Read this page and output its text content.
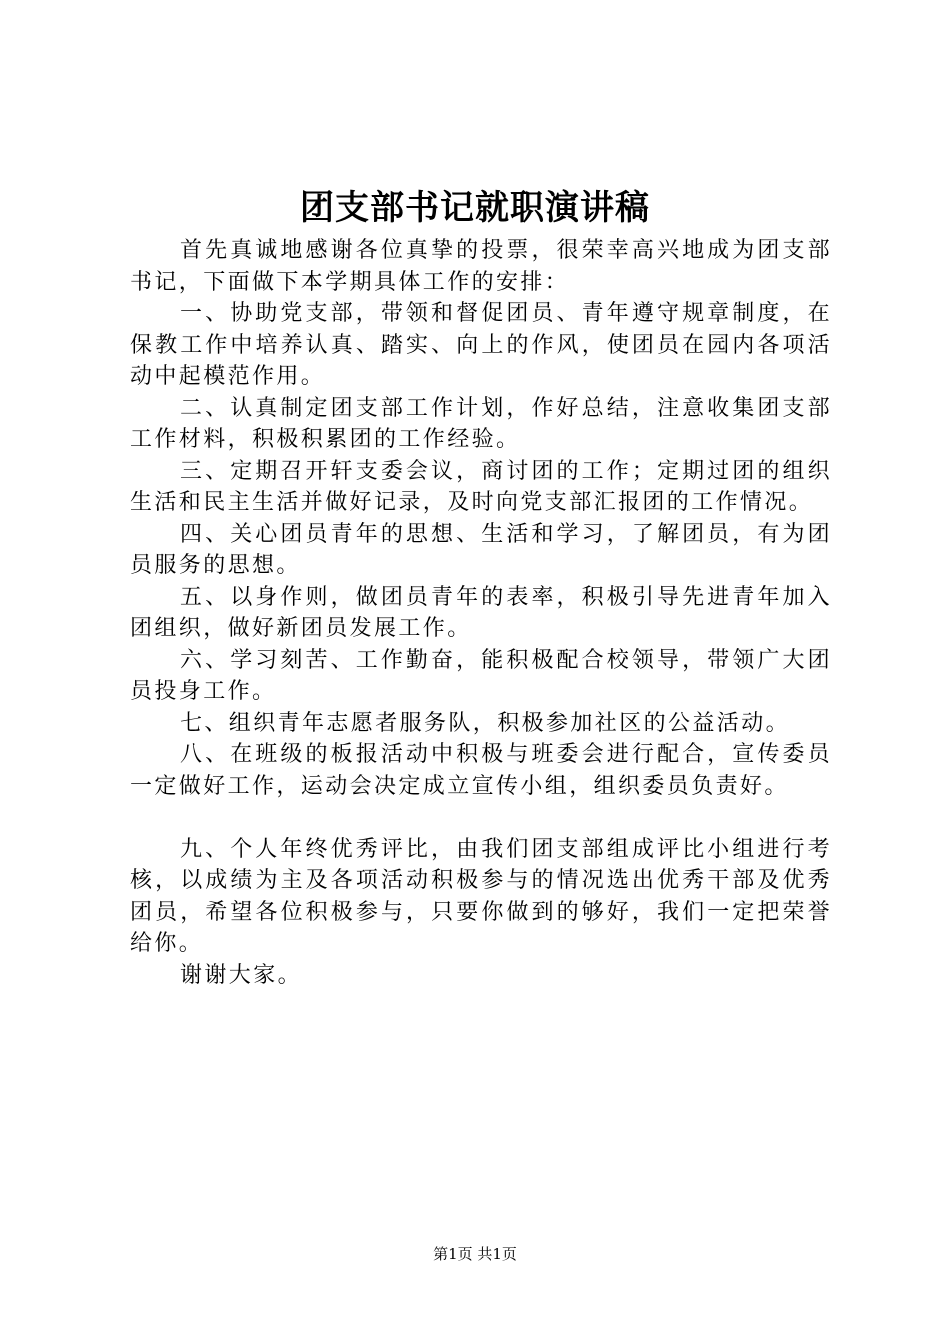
团支部书记就职演讲稿

首先真诚地感谢各位真挚的投票，很荣幸高兴地成为团支部书记，下面做下本学期具体工作的安排：

一、协助党支部，带领和督促团员、青年遵守规章制度，在保教工作中培养认真、踏实、向上的作风，使团员在园内各项活动中起模范作用。

二、认真制定团支部工作计划，作好总结，注意收集团支部工作材料，积极积累团的工作经验。

三、定期召开轩支委会议，商讨团的工作；定期过团的组织生活和民主生活并做好记录，及时向党支部汇报团的工作情况。

四、关心团员青年的思想、生活和学习，了解团员，有为团员服务的思想。

五、以身作则，做团员青年的表率，积极引导先进青年加入团组织，做好新团员发展工作。

六、学习刻苦、工作勤奋，能积极配合校领导，带领广大团员投身工作。

七、组织青年志愿者服务队，积极参加社区的公益活动。

八、在班级的板报活动中积极与班委会进行配合，宣传委员一定做好工作，运动会决定成立宣传小组，组织委员负责好。

九、个人年终优秀评比，由我们团支部组成评比小组进行考核，以成绩为主及各项活动积极参与的情况选出优秀干部及优秀团员，希望各位积极参与，只要你做到的够好，我们一定把荣誉给你。

谢谢大家。

第1页 共1页
